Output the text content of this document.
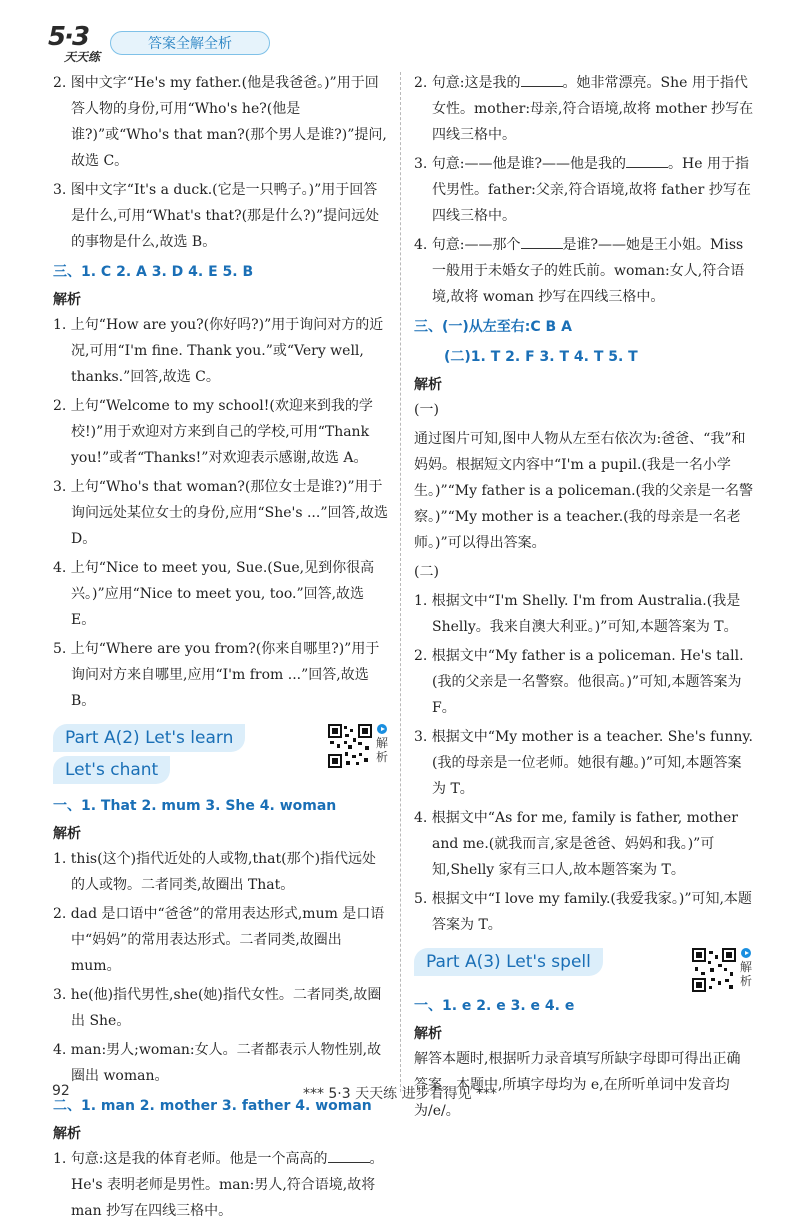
5·3
天天练
答案全解全析

2. 图中文字“He's my father.(他是我爸爸。)”用于回答人物的身份,可用“Who's he?(他是谁?)”或“Who's that man?(那个男人是谁?)”提问,故选 C。

3. 图中文字“It's a duck.(它是一只鸭子。)”用于回答是什么,可用“What's that?(那是什么?)”提问远处的事物是什么,故选 B。

三、1. C 2. A 3. D 4. E 5. B

解析

1. 上句“How are you?(你好吗?)”用于询问对方的近况,可用“I'm fine. Thank you.”或“Very well, thanks.”回答,故选 C。

2. 上句“Welcome to my school!(欢迎来到我的学校!)”用于欢迎对方来到自己的学校,可用“Thank you!”或者“Thanks!”对欢迎表示感谢,故选 A。

3. 上句“Who's that woman?(那位女士是谁?)”用于询问远处某位女士的身份,应用“She's ...”回答,故选 D。

4. 上句“Nice to meet you, Sue.(Sue,见到你很高兴。)”应用“Nice to meet you, too.”回答,故选 E。

5. 上句“Where are you from?(你来自哪里?)”用于询问对方来自哪里,应用“I'm from ...”回答,故选 B。

Part A(2) Let's learn
Let's chant
解析

一、1. That 2. mum 3. She 4. woman

解析

1. this(这个)指代近处的人或物,that(那个)指代远处的人或物。二者同类,故圈出 That。

2. dad 是口语中“爸爸”的常用表达形式,mum 是口语中“妈妈”的常用表达形式。二者同类,故圈出 mum。

3. he(他)指代男性,she(她)指代女性。二者同类,故圈出 She。

4. man:男人;woman:女人。二者都表示人物性别,故圈出 woman。

二、1. man 2. mother 3. father 4. woman

解析

1. 句意:这是我的体育老师。他是一个高高的	。He's 表明老师是男性。man:男人,符合语境,故将 man 抄写在四线三格中。

2. 句意:这是我的	。她非常漂亮。She 用于指代女性。mother:母亲,符合语境,故将 mother 抄写在四线三格中。

3. 句意:——他是谁?——他是我的	。He 用于指代男性。father:父亲,符合语境,故将 father 抄写在四线三格中。

4. 句意:——那个	是谁?——她是王小姐。Miss 一般用于未婚女子的姓氏前。woman:女人,符合语境,故将 woman 抄写在四线三格中。

三、(一)从左至右:C B A

(二)1. T 2. F 3. T 4. T 5. T

解析

(一)

通过图片可知,图中人物从左至右依次为:爸爸、“我”和妈妈。根据短文内容中“I'm a pupil.(我是一名小学生。)”“My father is a policeman.(我的父亲是一名警察。)”“My mother is a teacher.(我的母亲是一名老师。)”可以得出答案。

(二)

1. 根据文中“I'm Shelly. I'm from Australia.(我是 Shelly。我来自澳大利亚。)”可知,本题答案为 T。

2. 根据文中“My father is a policeman. He's tall.(我的父亲是一名警察。他很高。)”可知,本题答案为 F。

3. 根据文中“My mother is a teacher. She's funny.(我的母亲是一位老师。她很有趣。)”可知,本题答案为 T。

4. 根据文中“As for me, family is father, mother and me.(就我而言,家是爸爸、妈妈和我。)”可知,Shelly 家有三口人,故本题答案为 T。

5. 根据文中“I love my family.(我爱我家。)”可知,本题答案为 T。

Part A(3) Let's spell	解析

一、1. e 2. e 3. e 4. e

解析

解答本题时,根据听力录音填写所缺字母即可得出正确答案。本题中,所填字母均为 e,在所听单词中发音均为/e/。

92	*** 5·3 天天练 进步看得见 ***
